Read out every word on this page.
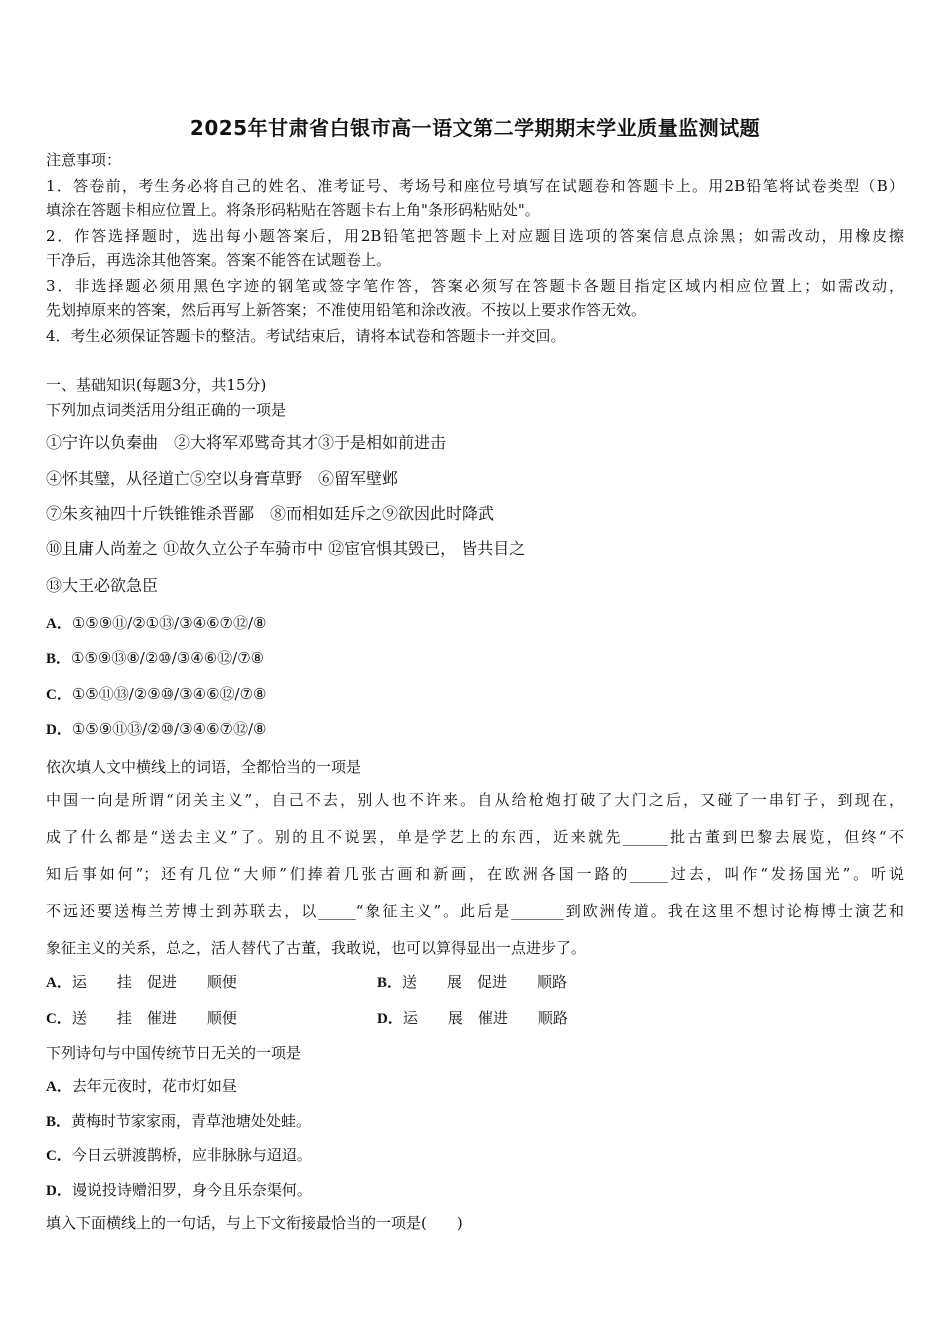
2025年甘肃省白银市高一语文第二学期期末学业质量监测试题
注意事项：
1．答卷前，考生务必将自己的姓名、准考证号、考场号和座位号填写在试题卷和答题卡上。用2B铅笔将试卷类型（B）
填涂在答题卡相应位置上。将条形码粘贴在答题卡右上角"条形码粘贴处"。
2．作答选择题时，选出每小题答案后，用2B铅笔把答题卡上对应题目选项的答案信息点涂黑；如需改动，用橡皮擦
干净后，再选涂其他答案。答案不能答在试题卷上。
3．非选择题必须用黑色字迹的钢笔或签字笔作答，答案必须写在答题卡各题目指定区域内相应位置上；如需改动，
先划掉原来的答案，然后再写上新答案；不准使用铅笔和涂改液。不按以上要求作答无效。
4．考生必须保证答题卡的整洁。考试结束后，请将本试卷和答题卡一并交回。
一、基础知识(每题3分，共15分)
下列加点词类活用分组正确的一项是
①宁许以负秦曲　②大将军邓骘奇其才③于是相如前进击
④怀其璧，从径道亡⑤空以身膏草野　⑥留军壁邺
⑦朱亥袖四十斤铁锥锥杀晋鄙　⑧而相如廷斥之⑨欲因此时降武
⑩且庸人尚羞之 ⑪故久立公子车骑市中 ⑫宦官惧其毁已， 皆共目之
⑬大王必欲急臣
A．①⑤⑨⑪/②①⑬/③④⑥⑦⑫/⑧
B．①⑤⑨⑬⑧/②⑩/③④⑥⑫/⑦⑧
C．①⑤⑪⑬/②⑨⑩/③④⑥⑫/⑦⑧
D．①⑤⑨⑪⑬/②⑩/③④⑥⑦⑫/⑧
依次填人文中横线上的词语，全都恰当的一项是
中国一向是所谓“闭关主义”，自己不去，别人也不许来。自从给枪炮打破了大门之后，又碰了一串钉子，到现在，
成了什么都是“送去主义”了。别的且不说罢，单是学艺上的东西，近来就先______批古董到巴黎去展览，但终“不
知后事如何”；还有几位“大师”们捧着几张古画和新画，在欧洲各国一路的_____过去，叫作“发扬国光”。听说
不远还要送梅兰芳博士到苏联去，以_____“象征主义”。此后是_______到欧洲传道。我在这里不想讨论梅博士演艺和
象征主义的关系，总之，活人替代了古董，我敢说，也可以算得显出一点进步了。
A．运　　挂　促进　　顺便	B．送　　展　促进　　顺路
C．送　　挂　催进　　顺便	D．运　　展　催进　　顺路
下列诗句与中国传统节日无关的一项是
A．去年元夜时，花市灯如昼
B．黄梅时节家家雨，青草池塘处处蛙。
C．今日云骈渡鹊桥，应非脉脉与迢迢。
D．谩说投诗赠汨罗，身今且乐奈渠何。
填入下面横线上的一句话，与上下文衔接最恰当的一项是(　　)
